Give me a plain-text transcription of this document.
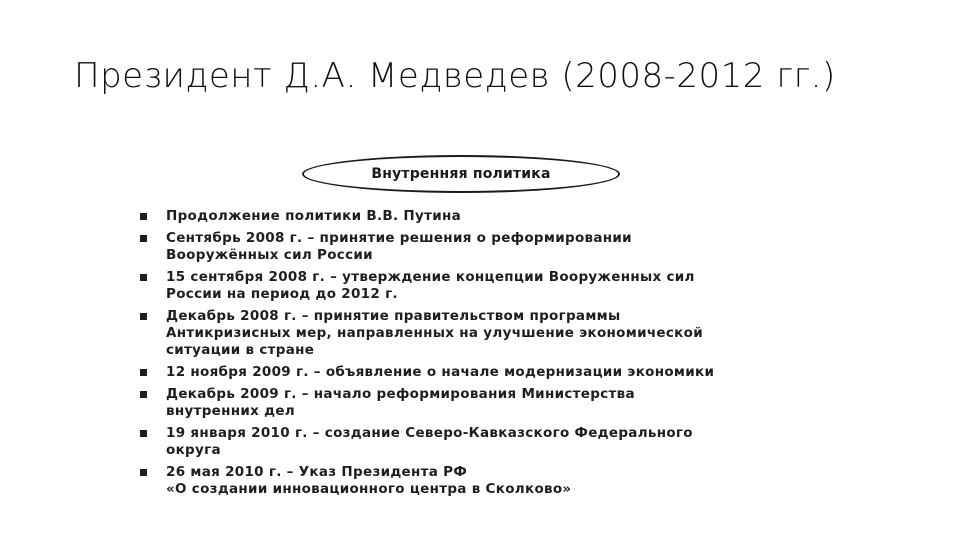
Президент Д.А. Медведев (2008-2012 гг.)
Внутренняя политика
Продолжение политики В.В. Путина
Сентябрь 2008 г. – принятие решения о реформировании
Вооружённых сил России
15 сентября 2008 г. – утверждение концепции Вооруженных сил
России на период до 2012 г.
Декабрь 2008 г. – принятие правительством программы
Антикризисных мер, направленных на улучшение экономической
ситуации в стране
12 ноября 2009 г. – объявление о начале модернизации экономики
Декабрь 2009 г. – начало реформирования Министерства
внутренних дел
19 января 2010 г. – создание Северо-Кавказского Федерального
округа
26 мая 2010 г. – Указ Президента РФ
«О создании инновационного центра в Сколково»
